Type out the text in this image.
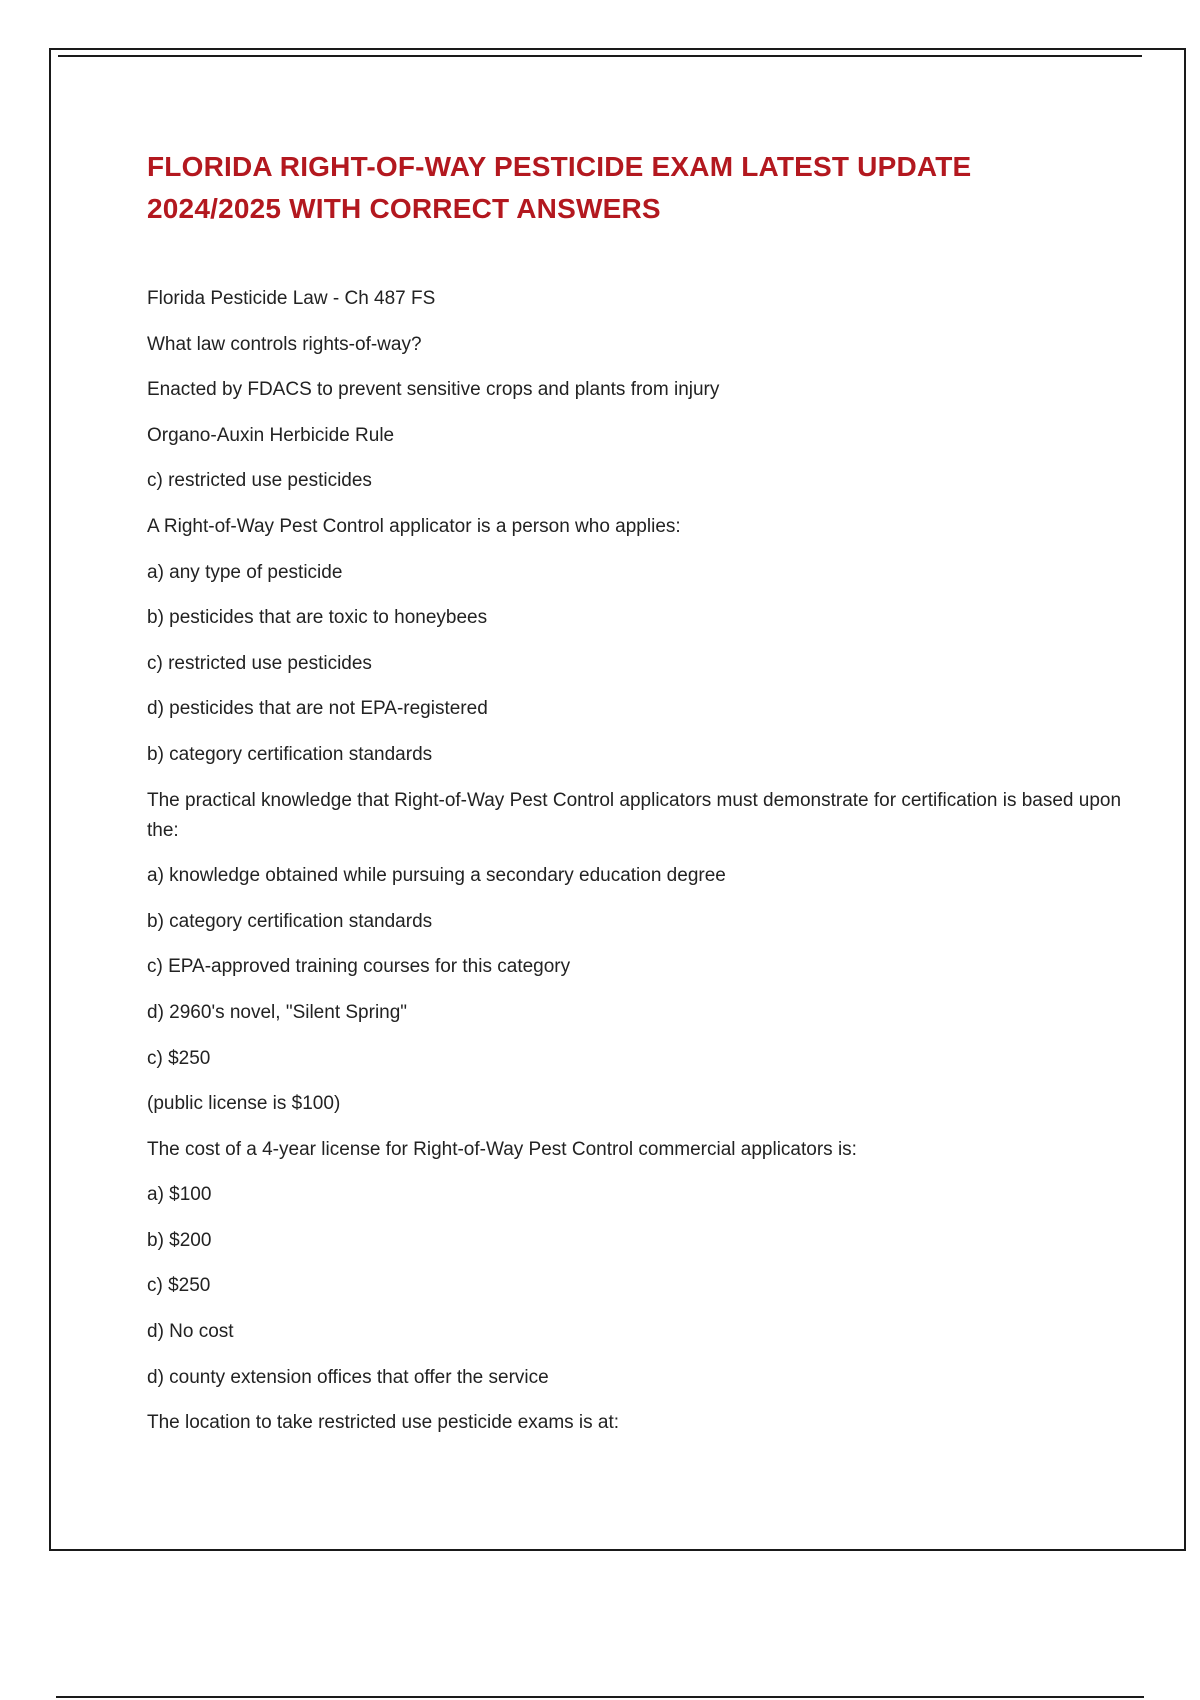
FLORIDA RIGHT-OF-WAY PESTICIDE EXAM LATEST UPDATE 2024/2025 WITH CORRECT ANSWERS
Florida Pesticide Law - Ch 487 FS
What law controls rights-of-way?
Enacted by FDACS to prevent sensitive crops and plants from injury
Organo-Auxin Herbicide Rule
c) restricted use pesticides
A Right-of-Way Pest Control applicator is a person who applies:
a) any type of pesticide
b) pesticides that are toxic to honeybees
c) restricted use pesticides
d) pesticides that are not EPA-registered
b) category certification standards
The practical knowledge that Right-of-Way Pest Control applicators must demonstrate for certification is based upon the:
a) knowledge obtained while pursuing a secondary education degree
b) category certification standards
c) EPA-approved training courses for this category
d) 2960's novel, "Silent Spring"
c) $250
(public license is $100)
The cost of a 4-year license for Right-of-Way Pest Control commercial applicators is:
a) $100
b) $200
c) $250
d) No cost
d) county extension offices that offer the service
The location to take restricted use pesticide exams is at:
